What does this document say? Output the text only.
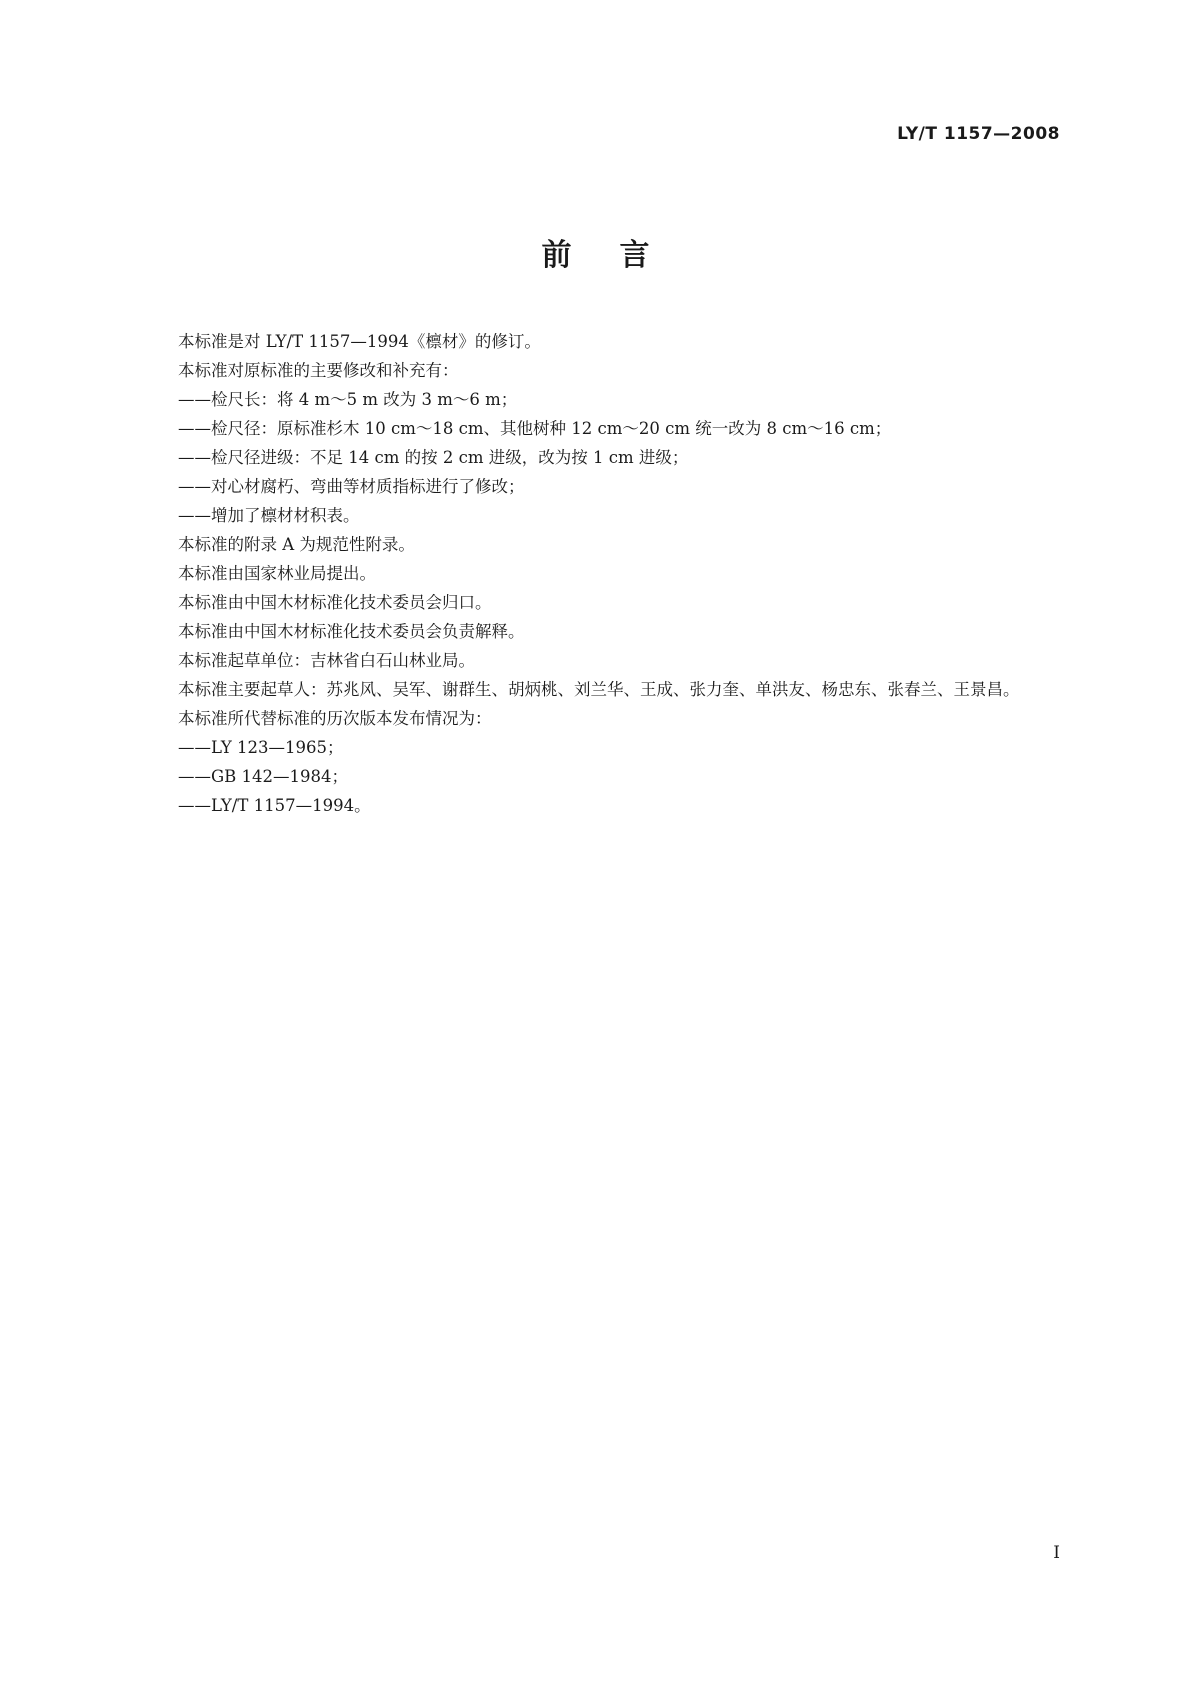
LY/T 1157—2008
前言

本标准是对 LY/T 1157—1994《檩材》的修订。

本标准对原标准的主要修改和补充有：

——检尺长：将 4 m～5 m 改为 3 m～6 m；

——检尺径：原标准杉木 10 cm～18 cm、其他树种 12 cm～20 cm 统一改为 8 cm～16 cm；

——检尺径进级：不足 14 cm 的按 2 cm 进级，改为按 1 cm 进级；

——对心材腐朽、弯曲等材质指标进行了修改；

——增加了檩材材积表。

本标准的附录 A 为规范性附录。

本标准由国家林业局提出。

本标准由中国木材标准化技术委员会归口。

本标准由中国木材标准化技术委员会负责解释。

本标准起草单位：吉林省白石山林业局。

本标准主要起草人：苏兆风、吴军、谢群生、胡炳桃、刘兰华、王成、张力奎、单洪友、杨忠东、张春兰、王景昌。

本标准所代替标准的历次版本发布情况为：

——LY 123—1965；

——GB 142—1984；

——LY/T 1157—1994。

I
